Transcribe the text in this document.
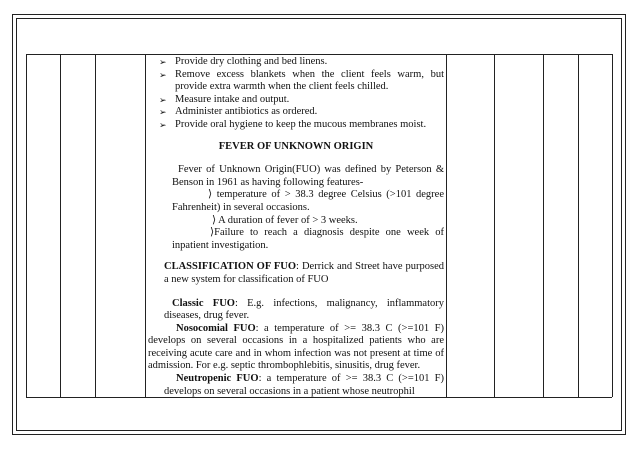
➢ Provide dry clothing and bed linens.
➢ Remove excess blankets when the client feels warm, but provide extra warmth when the client feels chilled.
➢ Measure intake and output.
➢ Administer antibiotics as ordered.
➢ Provide oral hygiene to keep the mucous membranes moist.

FEVER OF UNKNOWN ORIGIN

Fever of Unknown Origin(FUO) was defined by Peterson & Benson in 1961 as having following features-

⟩ temperature of > 38.3 degree Celsius (>101 degree Fahrenheit) in several occasions.

⟩ A duration of fever of > 3 weeks.

⟩Failure to reach a diagnosis despite one week of inpatient investigation.

CLASSIFICATION OF FUO: Derrick and Street have purposed a new system for classification of FUO

Classic FUO: E.g. infections, malignancy, inflammatory diseases, drug fever.

Nosocomial FUO: a temperature of >= 38.3 C (>=101 F) develops on several occasions in a hospitalized patients who are receiving acute care and in whom infection was not present at time of admission. For e.g. septic thrombophlebitis, sinusitis, drug fever.

Neutropenic FUO: a temperature of >= 38.3 C (>=101 F) develops on several occasions in a patient whose neutrophil
